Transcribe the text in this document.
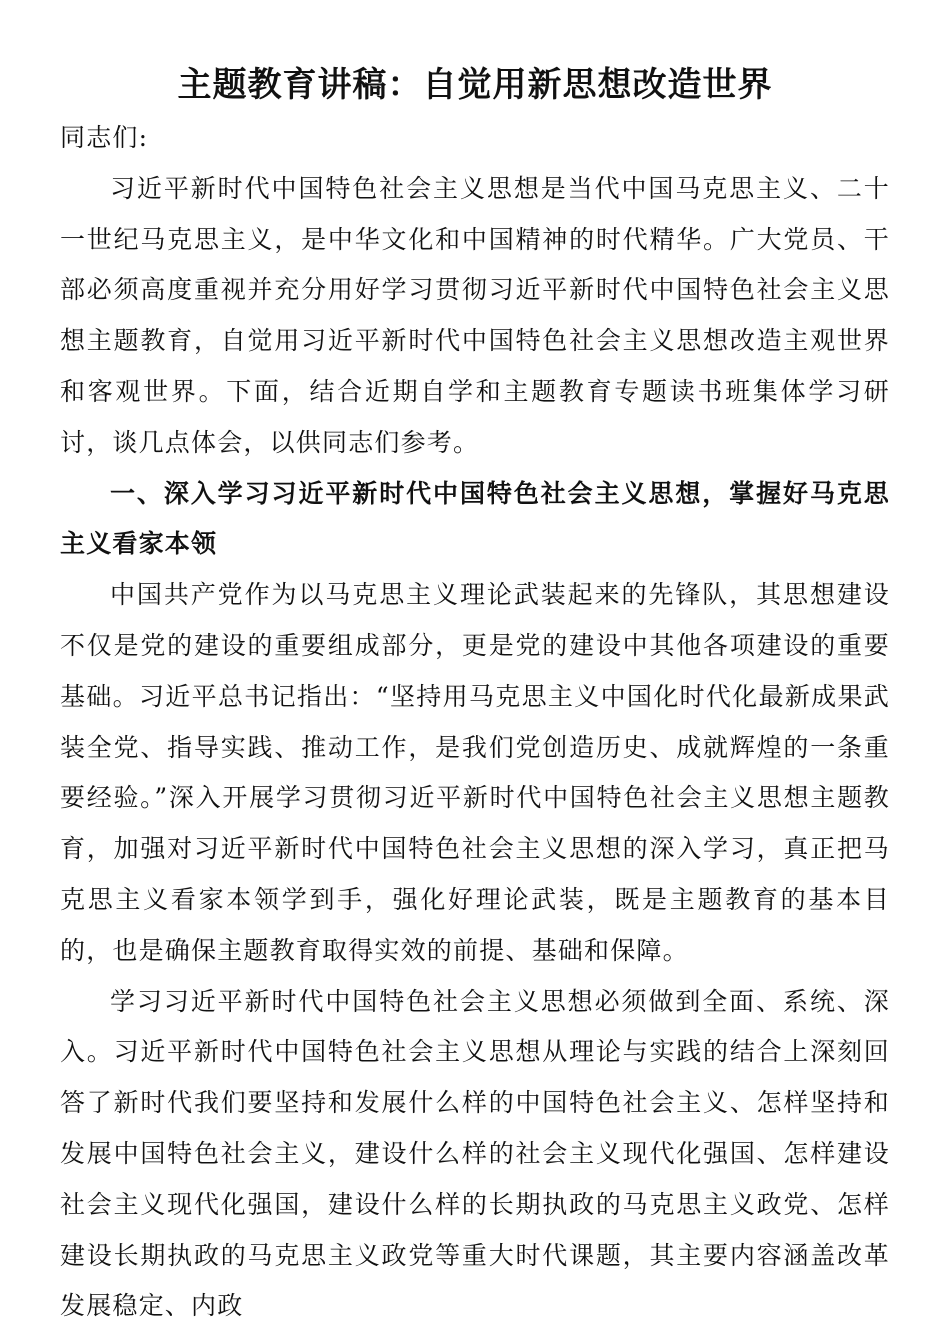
主题教育讲稿：自觉用新思想改造世界

同志们:

习近平新时代中国特色社会主义思想是当代中国马克思主义、二十一世纪马克思主义，是中华文化和中国精神的时代精华。广大党员、干部必须高度重视并充分用好学习贯彻习近平新时代中国特色社会主义思想主题教育，自觉用习近平新时代中国特色社会主义思想改造主观世界和客观世界。下面，结合近期自学和主题教育专题读书班集体学习研讨，谈几点体会，以供同志们参考。

一、深入学习习近平新时代中国特色社会主义思想，掌握好马克思主义看家本领

中国共产党作为以马克思主义理论武装起来的先锋队，其思想建设不仅是党的建设的重要组成部分，更是党的建设中其他各项建设的重要基础。习近平总书记指出：“坚持用马克思主义中国化时代化最新成果武装全党、指导实践、推动工作，是我们党创造历史、成就辉煌的一条重要经验。”深入开展学习贯彻习近平新时代中国特色社会主义思想主题教育，加强对习近平新时代中国特色社会主义思想的深入学习，真正把马克思主义看家本领学到手，强化好理论武装，既是主题教育的基本目的，也是确保主题教育取得实效的前提、基础和保障。

学习习近平新时代中国特色社会主义思想必须做到全面、系统、深入。习近平新时代中国特色社会主义思想从理论与实践的结合上深刻回答了新时代我们要坚持和发展什么样的中国特色社会主义、怎样坚持和发展中国特色社会主义，建设什么样的社会主义现代化强国、怎样建设社会主义现代化强国，建设什么样的长期执政的马克思主义政党、怎样建设长期执政的马克思主义政党等重大时代课题，其主要内容涵盖改革发展稳定、内政
